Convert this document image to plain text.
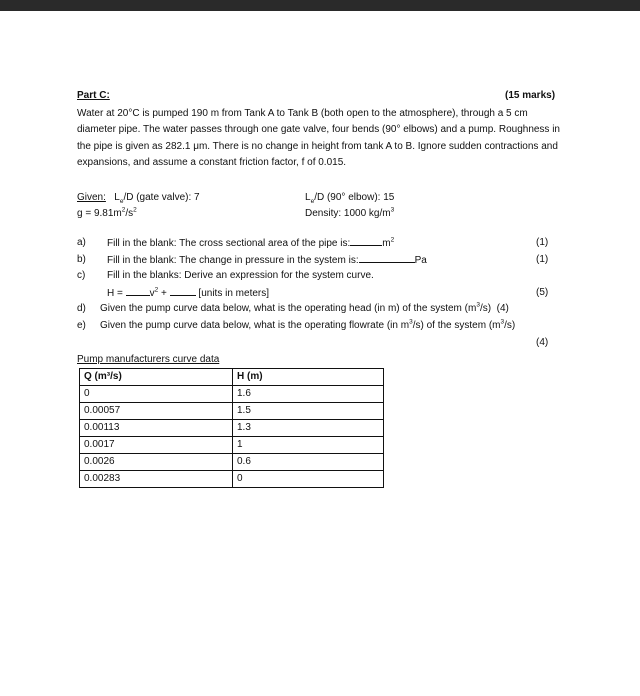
Part C:	(15 marks)
Water at 20°C is pumped 190 m from Tank A to Tank B (both open to the atmosphere), through a 5 cm diameter pipe. The water passes through one gate valve, four bends (90° elbows) and a pump. Roughness in the pipe is given as 282.1 μm. There is no change in height from tank A to B. Ignore sudden contractions and expansions, and assume a constant friction factor, f of 0.015.
Given:   $L_e/D$ (gate valve): 7	$L_e/D$ (90° elbow): 15
$g = 9.81m^2/s^2$	Density: 1000 $kg/m^3$
a) Fill in the blank: The cross sectional area of the pipe is:	$m^2$	(1)
b) Fill in the blank: The change in pressure in the system is:	Pa	(1)
c) Fill in the blanks: Derive an expression for the system curve.
$H = v^2$ +	[units in meters]	(5)
d) Given the pump curve data below, what is the operating head (in m) of the system $(m^3/s)$ (4)
e) Given the pump curve data below, what is the operating flowrate (in $m^3/s$) of the system $(m^3/s)$
(4)
Pump manufacturers curve data
Q (m³/s)	H (m)
0	1.6
0.00057	1.5
0.00113	1.3
0.0017	1
0.0026	0.6
0.00283	0
